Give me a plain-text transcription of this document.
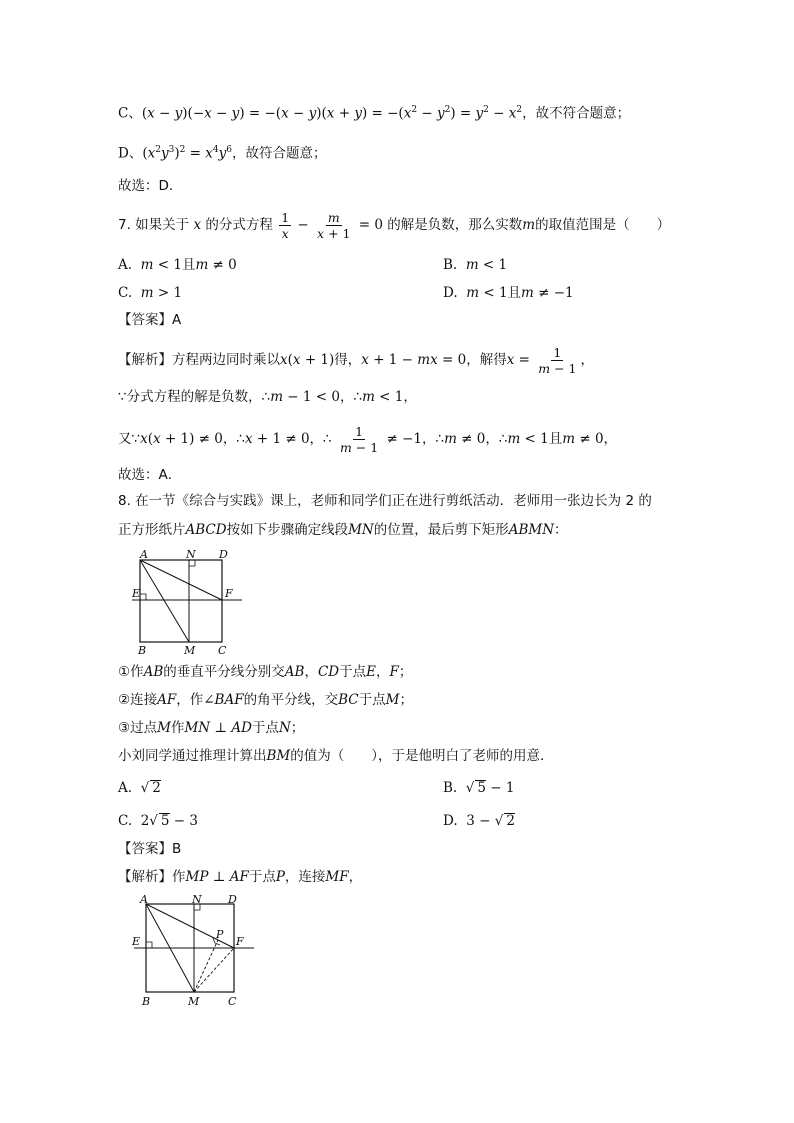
C、$(x - y)(-x - y) = -(x - y)(x + y) = -(x^2 - y^2) = y^2 - x^2$，故不符合题意；
D、$(x^2y^3)^2 = x^4y^6$，故符合题意；
故选：D．
7. 如果关于 x 的分式方程 $\frac{1}{x} - \frac{m}{x + 1} = 0$ 的解是负数，那么实数m的取值范围是（　　）
A. m < 1且m ≠ 0	B. m < 1
C. m > 1	D. m < 1且m ≠ −1
【答案】A
【解析】方程两边同时乘以x(x + 1)得，x + 1 − mx = 0，解得$x = \frac{1}{m - 1}$ ，
∵分式方程的解是负数，∴m − 1 < 0，∴m < 1，
又∵x(x + 1) ≠ 0，∴x + 1 ≠ 0，∴ $\frac{1}{m - 1} \ne -1$，∴m ≠ 0，∴m < 1且m ≠ 0，
故选：A．
8. 在一节《综合与实践》课上，老师和同学们正在进行剪纸活动．老师用一张边长为 2 的
正方形纸片ABCD按如下步骤确定线段MN的位置，最后剪下矩形ABMN：
A	N D
E	F
B	M C
①作AB的垂直平分线分别交AB，CD于点E，F；
②连接AF，作∠BAF的角平分线，交BC于点M；
③过点M作MN ⊥ AD于点N；
小刘同学通过推理计算出BM的值为（　　），于是他明白了老师的用意．
A.  √ 2	B.  √ 5 − 1
C.  2√ 5 − 3	D.  3 − √ 2
【答案】B
【解析】作MP ⊥ AF于点P，连接MF，
A	N D
E
P
F
B	M	C
